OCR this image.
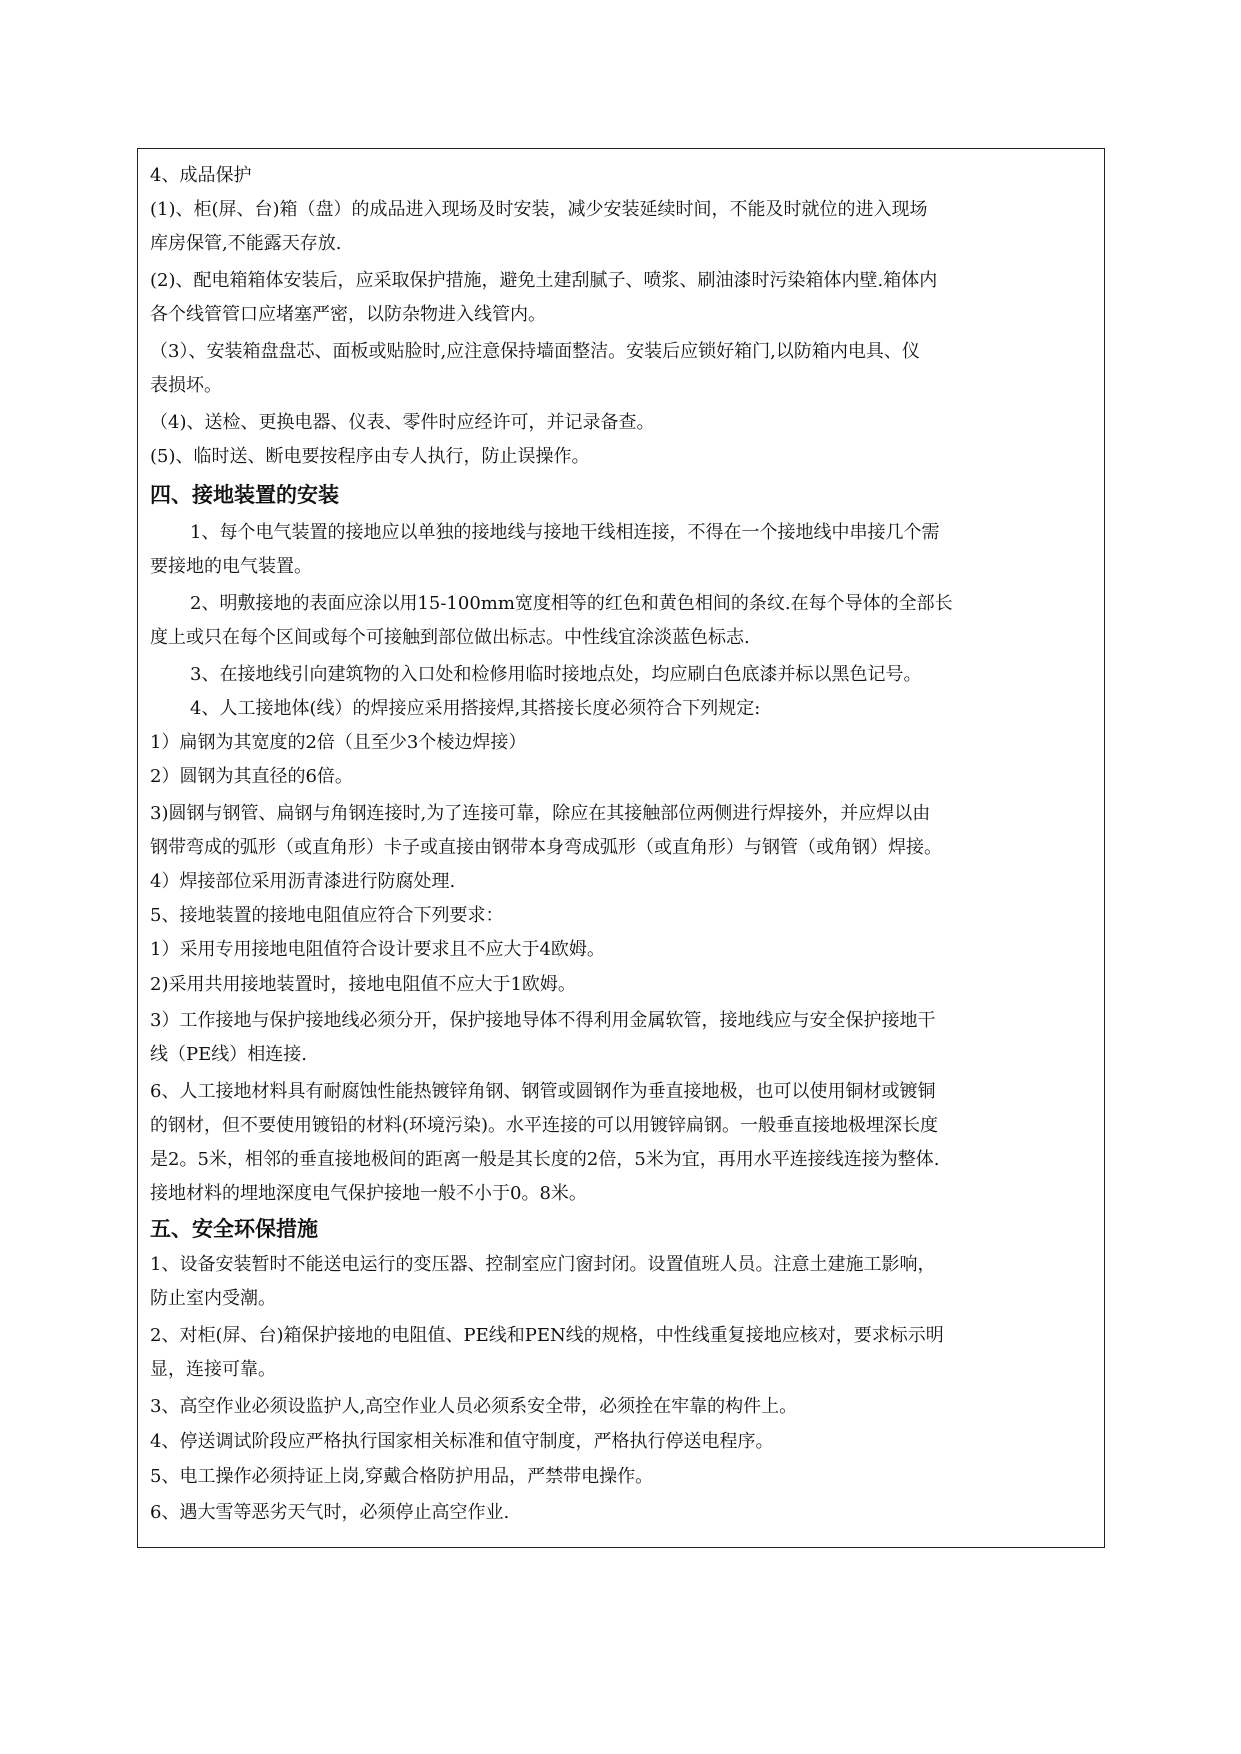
4、成品保护
(1)、柜(屏、台)箱（盘）的成品进入现场及时安装，减少安装延续时间，不能及时就位的进入现场
库房保管,不能露天存放.
(2)、配电箱箱体安装后，应采取保护措施，避免土建刮腻子、喷浆、刷油漆时污染箱体内壁.箱体内
各个线管管口应堵塞严密，以防杂物进入线管内。
（3）、安装箱盘盘芯、面板或贴脸时,应注意保持墙面整洁。安装后应锁好箱门,以防箱内电具、仪
表损坏。
（4)、送检、更换电器、仪表、零件时应经许可，并记录备查。
(5)、临时送、断电要按程序由专人执行，防止误操作。
四、接地装置的安装
1、每个电气装置的接地应以单独的接地线与接地干线相连接，不得在一个接地线中串接几个需
要接地的电气装置。
2、明敷接地的表面应涂以用15-100mm宽度相等的红色和黄色相间的条纹.在每个导体的全部长
度上或只在每个区间或每个可接触到部位做出标志。中性线宜涂淡蓝色标志.
3、在接地线引向建筑物的入口处和检修用临时接地点处，均应刷白色底漆并标以黑色记号。
4、人工接地体(线）的焊接应采用搭接焊,其搭接长度必须符合下列规定:
1）扁钢为其宽度的2倍（且至少3个棱边焊接）
2）圆钢为其直径的6倍。
3)圆钢与钢管、扁钢与角钢连接时,为了连接可靠，除应在其接触部位两侧进行焊接外，并应焊以由
钢带弯成的弧形（或直角形）卡子或直接由钢带本身弯成弧形（或直角形）与钢管（或角钢）焊接。
4）焊接部位采用沥青漆进行防腐处理.
5、接地装置的接地电阻值应符合下列要求：
1）采用专用接地电阻值符合设计要求且不应大于4欧姆。
2)采用共用接地装置时，接地电阻值不应大于1欧姆。
3）工作接地与保护接地线必须分开，保护接地导体不得利用金属软管，接地线应与安全保护接地干
线（PE线）相连接.
6、人工接地材料具有耐腐蚀性能热镀锌角钢、钢管或圆钢作为垂直接地极，也可以使用铜材或镀铜
的钢材，但不要使用镀铅的材料(环境污染)。水平连接的可以用镀锌扁钢。一般垂直接地极埋深长度
是2。5米，相邻的垂直接地极间的距离一般是其长度的2倍，5米为宜，再用水平连接线连接为整体.
接地材料的埋地深度电气保护接地一般不小于0。8米。
五、安全环保措施
1、设备安装暂时不能送电运行的变压器、控制室应门窗封闭。设置值班人员。注意土建施工影响，
防止室内受潮。
2、对柜(屏、台)箱保护接地的电阻值、PE线和PEN线的规格，中性线重复接地应核对，要求标示明
显，连接可靠。
3、高空作业必须设监护人,高空作业人员必须系安全带，必须拴在牢靠的构件上。
4、停送调试阶段应严格执行国家相关标准和值守制度，严格执行停送电程序。
5、电工操作必须持证上岗,穿戴合格防护用品，严禁带电操作。
6、遇大雪等恶劣天气时，必须停止高空作业.
